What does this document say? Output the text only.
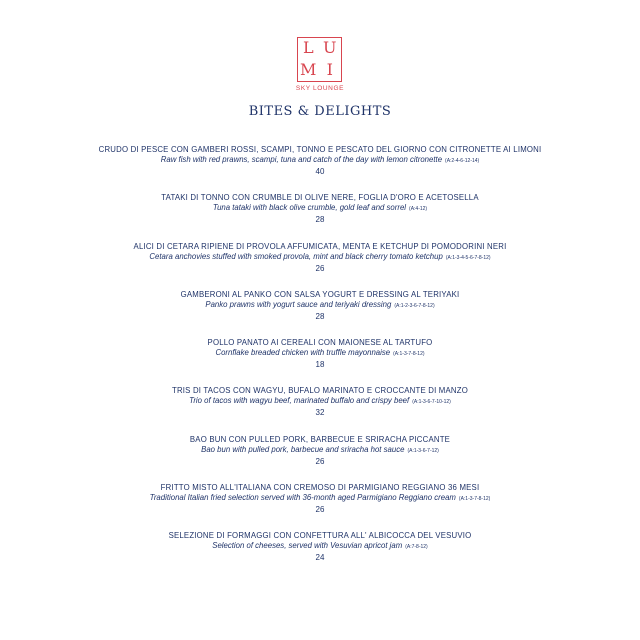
L U
M I
SKY LOUNGE
BITES & DELIGHTS
CRUDO DI PESCE CON GAMBERI ROSSI, SCAMPI, TONNO E PESCATO DEL GIORNO CON CITRONETTE AI LIMONI
Raw fish with red prawns, scampi, tuna and catch of the day with lemon citronette (A:2-4-6-12-14)
40
TATAKI DI TONNO CON CRUMBLE DI OLIVE NERE, FOGLIA D'ORO E ACETOSELLA
Tuna tataki with black olive crumble, gold leaf and sorrel (A:4-12)
28
ALICI DI CETARA RIPIENE DI PROVOLA AFFUMICATA, MENTA E KETCHUP DI POMODORINI NERI
Cetara anchovies stuffed with smoked provola, mint and black cherry tomato ketchup (A:1-3-4-5-6-7-8-12)
26
GAMBERONI AL PANKO CON SALSA YOGURT E DRESSING AL TERIYAKI
Panko prawns with yogurt sauce and teriyaki dressing (A:1-2-3-6-7-8-12)
28
POLLO PANATO AI CEREALI CON MAIONESE AL TARTUFO
Cornflake breaded chicken with truffle mayonnaise (A:1-3-7-8-12)
18
TRIS DI TACOS CON WAGYU, BUFALO MARINATO E CROCCANTE DI MANZO
Trio of tacos with wagyu beef, marinated buffalo and crispy beef (A:1-3-6-7-10-12)
32
BAO BUN CON PULLED PORK, BARBECUE E SRIRACHA PICCANTE
Bao bun with pulled pork, barbecue and sriracha hot sauce (A:1-3-6-7-12)
26
FRITTO MISTO ALL'ITALIANA CON CREMOSO DI PARMIGIANO REGGIANO 36 MESI
Traditional Italian fried selection served with 36-month aged Parmigiano Reggiano cream (A:1-3-7-8-12)
26
SELEZIONE DI FORMAGGI CON CONFETTURA ALL' ALBICOCCA DEL VESUVIO
Selection of cheeses, served with Vesuvian apricot jam (A:7-8-12)
24
